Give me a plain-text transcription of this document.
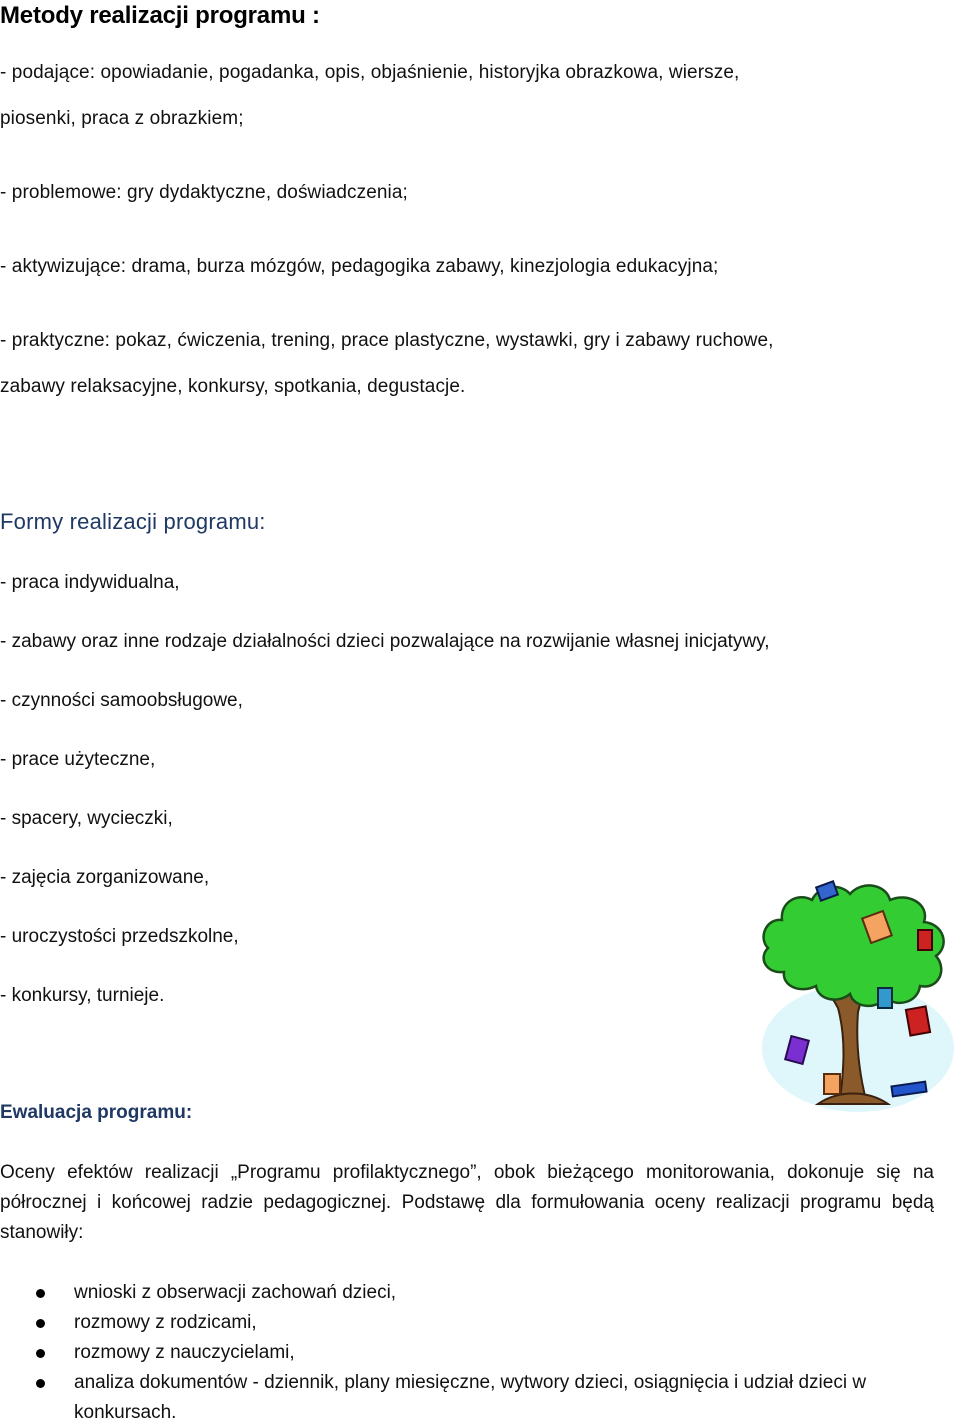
Metody realizacji programu :

- podające: opowiadanie, pogadanka, opis, objaśnienie, historyjka obrazkowa, wiersze,

piosenki, praca z obrazkiem;

- problemowe: gry dydaktyczne, doświadczenia;

- aktywizujące: drama, burza mózgów, pedagogika zabawy, kinezjologia edukacyjna;

- praktyczne: pokaz, ćwiczenia, trening, prace plastyczne, wystawki, gry i zabawy ruchowe,

zabawy relaksacyjne, konkursy, spotkania, degustacje.

Formy realizacji programu:

- praca indywidualna,

- zabawy oraz inne rodzaje działalności dzieci pozwalające na rozwijanie własnej inicjatywy,

- czynności samoobsługowe,

- prace użyteczne,

- spacery, wycieczki,

- zajęcia zorganizowane,

- uroczystości przedszkolne,

- konkursy, turnieje.

Ewaluacja programu:

Oceny efektów realizacji „Programu profilaktycznego”, obok bieżącego monitorowania, dokonuje się na półrocznej i końcowej radzie pedagogicznej. Podstawę dla formułowania oceny realizacji programu będą stanowiły:

wnioski z obserwacji zachowań dzieci,
rozmowy z rodzicami,
rozmowy z nauczycielami,
analiza dokumentów - dziennik, plany miesięczne, wytwory dzieci, osiągnięcia i udział dzieci w konkursach.
